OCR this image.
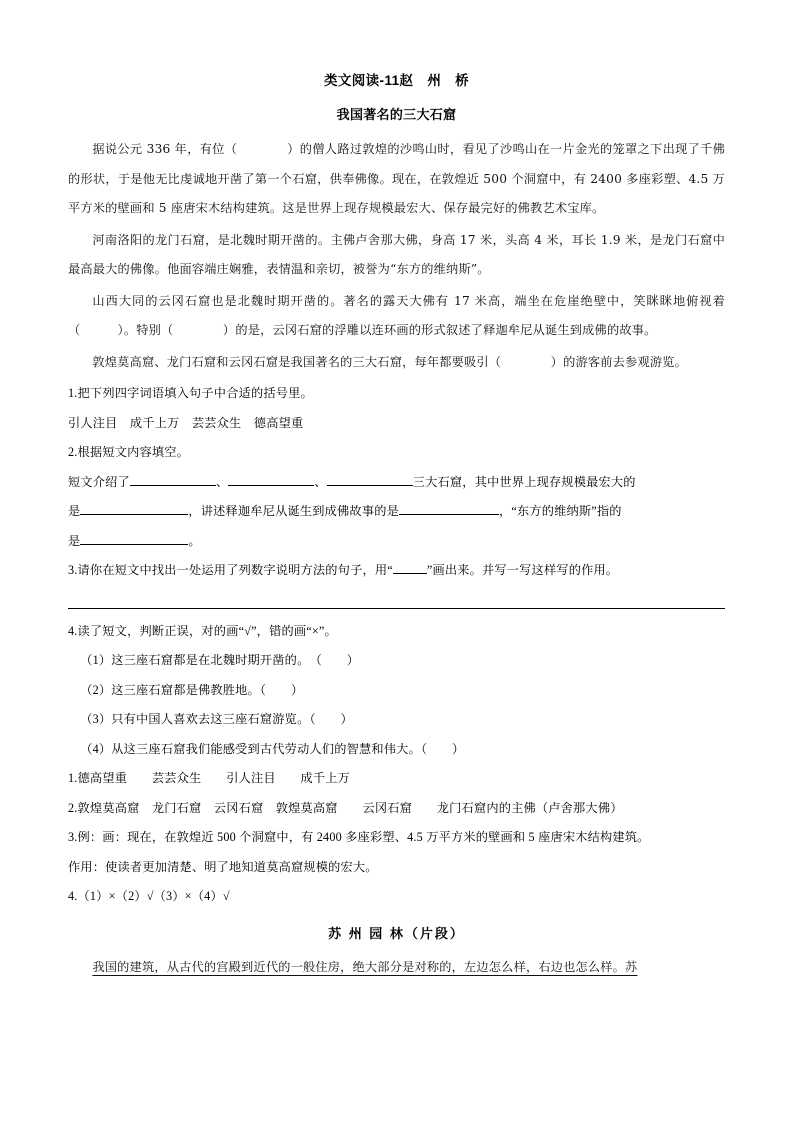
类文阅读-11赵　州　桥
我国著名的三大石窟

据说公元 336 年，有位（　　　　）的僧人路过敦煌的沙鸣山时，看见了沙鸣山在一片金光的笼罩之下出现了千佛的形状，于是他无比虔诚地开凿了第一个石窟，供奉佛像。现在，在敦煌近 500 个洞窟中，有 2400 多座彩塑、4.5 万平方米的壁画和 5 座唐宋木结构建筑。这是世界上现存规模最宏大、保存最完好的佛教艺术宝库。

河南洛阳的龙门石窟，是北魏时期开凿的。主佛卢舍那大佛，身高 17 米，头高 4 米，耳长 1.9 米，是龙门石窟中最高最大的佛像。他面容端庄娴雅，表情温和亲切，被誉为“东方的维纳斯”。

山西大同的云冈石窟也是北魏时期开凿的。著名的露天大佛有 17 米高，端坐在危崖绝壁中，笑眯眯地俯视着（　　　）。特别（　　　　）的是，云冈石窟的浮雕以连环画的形式叙述了释迦牟尼从诞生到成佛的故事。

敦煌莫高窟、龙门石窟和云冈石窟是我国著名的三大石窟，每年都要吸引（　　　　）的游客前去参观游览。

1.把下列四字词语填入句子中合适的括号里。

引人注目　成千上万　芸芸众生　德高望重

2.根据短文内容填空。

短文介绍了	、	、	三大石窟，其中世界上现存规模最宏大的

是	，讲述释迦牟尼从诞生到成佛故事的是	，“东方的维纳斯”指的

是	。

3.请你在短文中找出一处运用了列数字说明方法的句子，用“	”画出来。并写一写这样写的作用。

4.读了短文，判断正误，对的画“√”，错的画“×”。

（1）这三座石窟都是在北魏时期开凿的。　（　　）

（2）这三座石窟都是佛教胜地。（　　）

（3）只有中国人喜欢去这三座石窟游览。（　　）

（4）从这三座石窟我们能感受到古代劳动人们的智慧和伟大。（　　）

1.德高望重　　芸芸众生　　引人注目　　成千上万

2.敦煌莫高窟　龙门石窟　云冈石窟　敦煌莫高窟　　云冈石窟　　龙门石窟内的主佛（卢舍那大佛）

3.例：画：现在，在敦煌近 500 个洞窟中，有 2400 多座彩塑、4.5 万平方米的壁画和 5 座唐宋木结构建筑。

作用：使读者更加清楚、明了地知道莫高窟规模的宏大。

4.（1）×（2）√（3）×（4）√

苏 州 园 林（片段）

我国的建筑，从古代的宫殿到近代的一般住房，绝大部分是对称的，左边怎么样，右边也怎么样。苏
